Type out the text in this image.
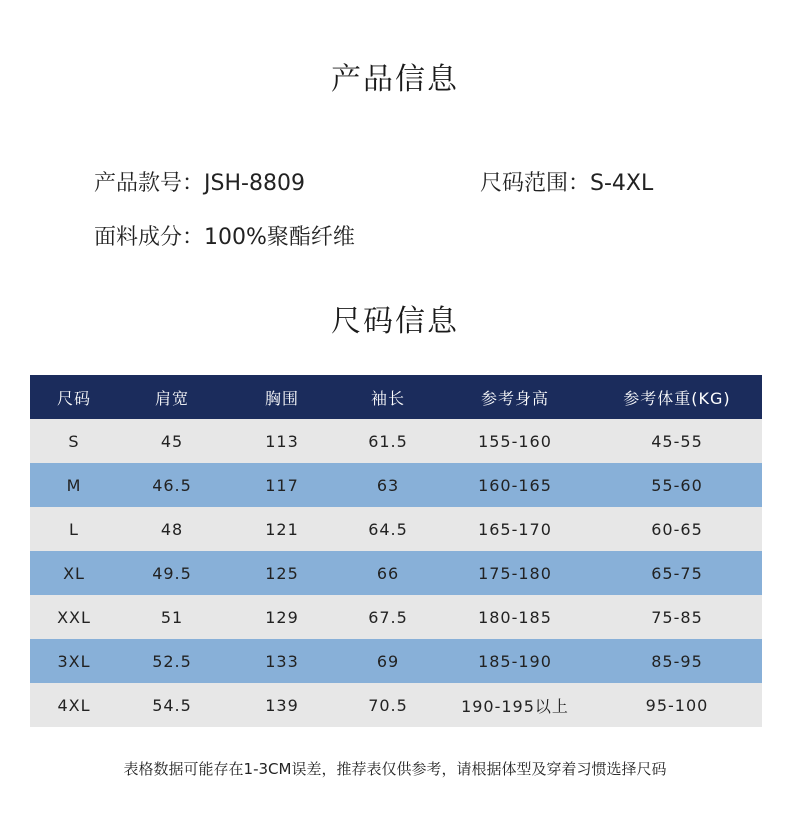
产品信息
产品款号：JSH-8809	尺码范围：S-4XL
面料成分：100%聚酯纤维
尺码信息
尺码	肩宽	胸围	袖长	参考身高	参考体重(KG)
S	45	113	61.5	155-160	45-55
M	46.5	117	63	160-165	55-60
L	48	121	64.5	165-170	60-65
XL	49.5	125	66	175-180	65-75
XXL	51	129	67.5	180-185	75-85
3XL	52.5	133	69	185-190	85-95
4XL	54.5	139	70.5	190-195以上	95-100
表格数据可能存在1-3CM误差，推荐表仅供参考，请根据体型及穿着习惯选择尺码
